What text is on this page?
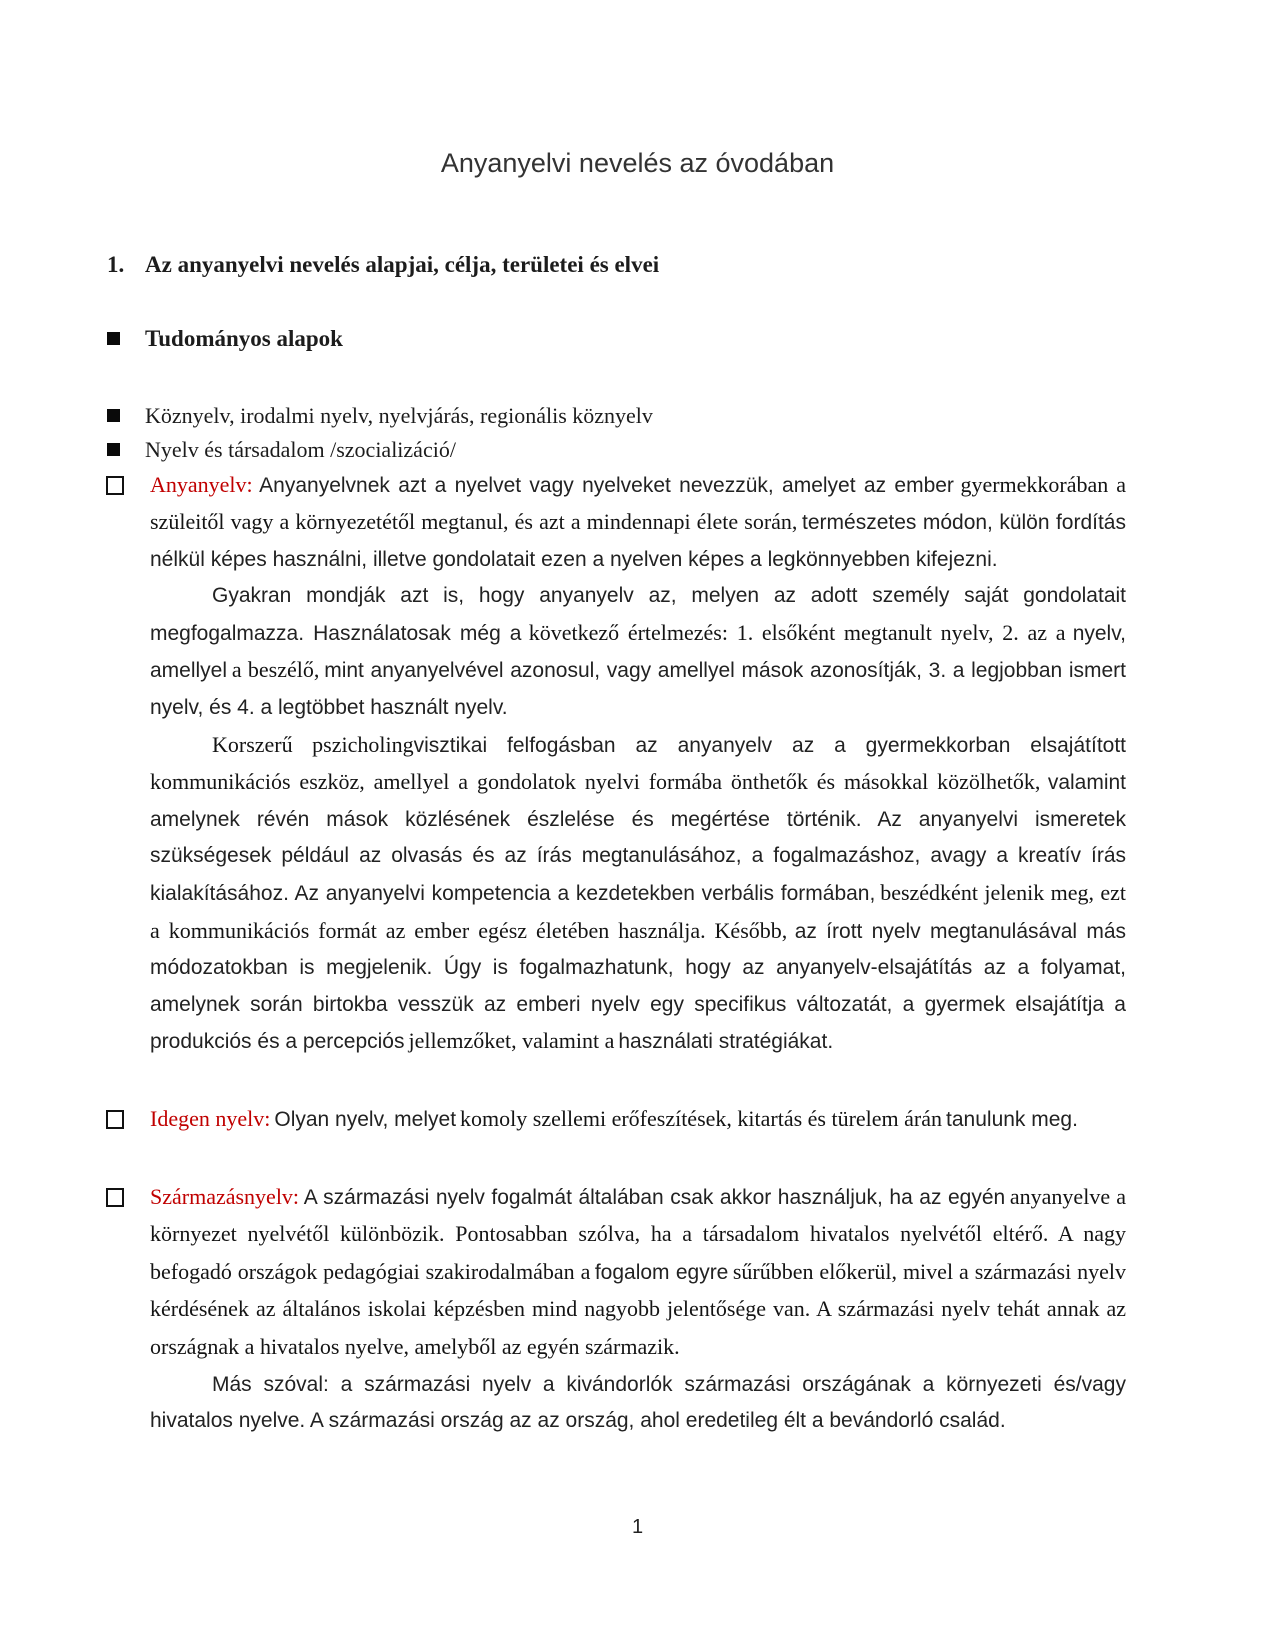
Anyanyelvi nevelés az óvodában
1. Az anyanyelvi nevelés alapjai, célja, területei és elvei
Tudományos alapok
Köznyelv, irodalmi nyelv, nyelvjárás, regionális köznyelv
Nyelv és társadalom /szocializáció/

Anyanyelv: Anyanyelvnek azt a nyelvet vagy nyelveket nevezzük, amelyet az ember gyermekkorában a szüleitől vagy a környezetétől megtanul, és azt a mindennapi élete során, természetes módon, külön fordítás nélkül képes használni, illetve gondolatait ezen a nyelven képes a legkönnyebben kifejezni.

Gyakran mondják azt is, hogy anyanyelv az, melyen az adott személy saját gondolatait megfogalmazza. Használatosak még a következő értelmezés: 1. elsőként megtanult nyelv, 2. az a nyelv, amellyel a beszélő, mint anyanyelvével azonosul, vagy amellyel mások azonosítják, 3. a legjobban ismert nyelv, és 4. a legtöbbet használt nyelv.

Korszerű pszicholingvisztikai felfogásban az anyanyelv az a gyermekkorban elsajátított kommunikációs eszköz, amellyel a gondolatok nyelvi formába önthetők és másokkal közölhetők, valamint amelynek révén mások közlésének észlelése és megértése történik. Az anyanyelvi ismeretek szükségesek például az olvasás és az írás megtanulásához, a fogalmazáshoz, avagy a kreatív írás kialakításához. Az anyanyelvi kompetencia a kezdetekben verbális formában, beszédként jelenik meg, ezt a kommunikációs formát az ember egész életében használja. Később, az írott nyelv megtanulásával más módozatokban is megjelenik. Úgy is fogalmazhatunk, hogy az anyanyelv-elsajátítás az a folyamat, amelynek során birtokba vesszük az emberi nyelv egy specifikus változatát, a gyermek elsajátítja a produkciós és a percepciós jellemzőket, valamint a használati stratégiákat.

Idegen nyelv: Olyan nyelv, melyet komoly szellemi erőfeszítések, kitartás és türelem árán tanulunk meg.

Származásnyelv: A származási nyelv fogalmát általában csak akkor használjuk, ha az egyén anyanyelve a környezet nyelvétől különbözik. Pontosabban szólva, ha a társadalom hivatalos nyelvétől eltérő. A nagy befogadó országok pedagógiai szakirodalmában a fogalom egyre sűrűbben előkerül, mivel a származási nyelv kérdésének az általános iskolai képzésben mind nagyobb jelentősége van. A származási nyelv tehát annak az országnak a hivatalos nyelve, amelyből az egyén származik.

Más szóval: a származási nyelv a kivándorlók származási országának a környezeti és/vagy hivatalos nyelve. A származási ország az az ország, ahol eredetileg élt a bevándorló család.

1
